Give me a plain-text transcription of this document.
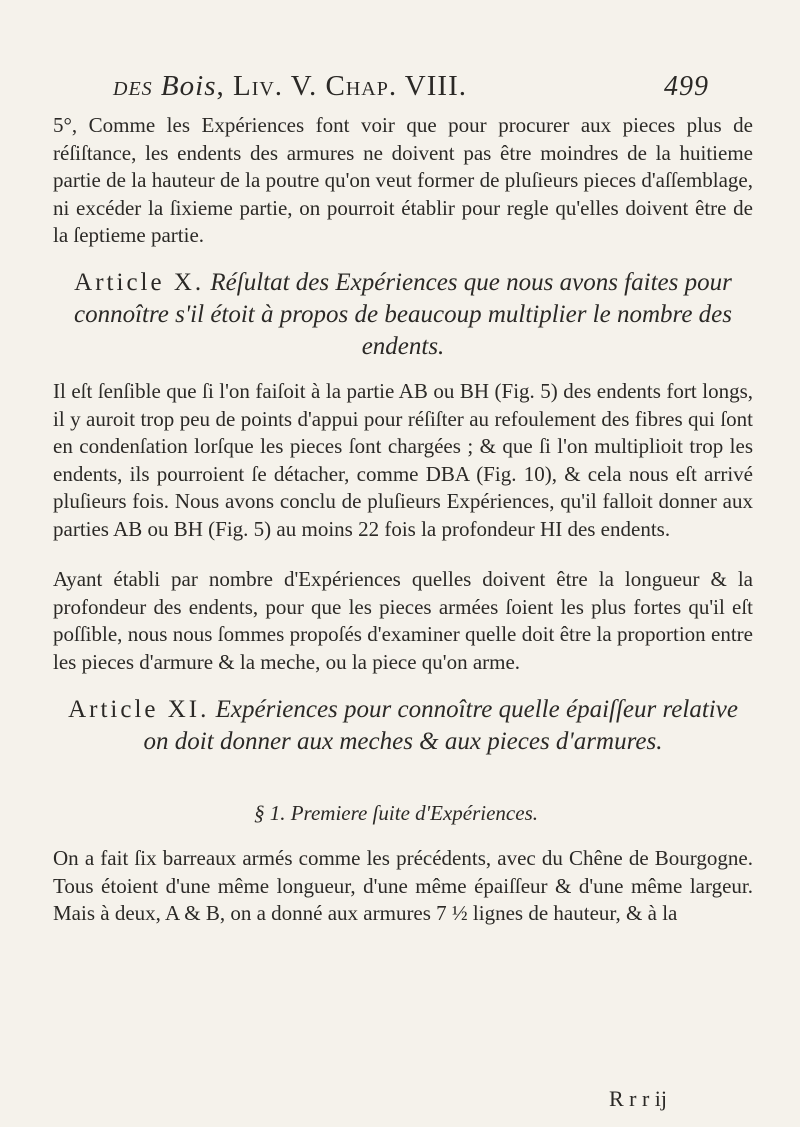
des Bois, Liv. V. Chap. VIII.	499

5°, Comme les Expériences font voir que pour procurer aux pieces plus de réſiſtance, les endents des armures ne doivent pas être moindres de la huitieme partie de la hauteur de la poutre qu'on veut former de pluſieurs pieces d'aſſemblage, ni excéder la ſixieme partie, on pourroit établir pour regle qu'elles doivent être de la ſeptieme partie.

Article X. Réſultat des Expériences que nous avons faites pour connoître s'il étoit à propos de beaucoup multiplier le nombre des endents.

Il eſt ſenſible que ſi l'on faiſoit à la partie AB ou BH (Fig. 5) des endents fort longs, il y auroit trop peu de points d'appui pour réſiſter au refoulement des fibres qui ſont en condenſation lorſque les pieces ſont chargées ; & que ſi l'on multiplioit trop les endents, ils pourroient ſe détacher, comme DBA (Fig. 10), & cela nous eſt arrivé pluſieurs fois. Nous avons conclu de pluſieurs Expériences, qu'il falloit donner aux parties AB ou BH (Fig. 5) au moins 22 fois la profondeur HI des endents.

Ayant établi par nombre d'Expériences quelles doivent être la longueur & la profondeur des endents, pour que les pieces armées ſoient les plus fortes qu'il eſt poſſible, nous nous ſommes propoſés d'examiner quelle doit être la proportion entre les pieces d'armure & la meche, ou la piece qu'on arme.

Article XI. Expériences pour connoître quelle épaiſſeur relative on doit donner aux meches & aux pieces d'armures.

§ 1. Premiere ſuite d'Expériences.

On a fait ſix barreaux armés comme les précédents, avec du Chêne de Bourgogne. Tous étoient d'une même longueur, d'une même épaiſſeur & d'une même largeur. Mais à deux, A & B, on a donné aux armures 7 ½ lignes de hauteur, & à la

R r r ij
